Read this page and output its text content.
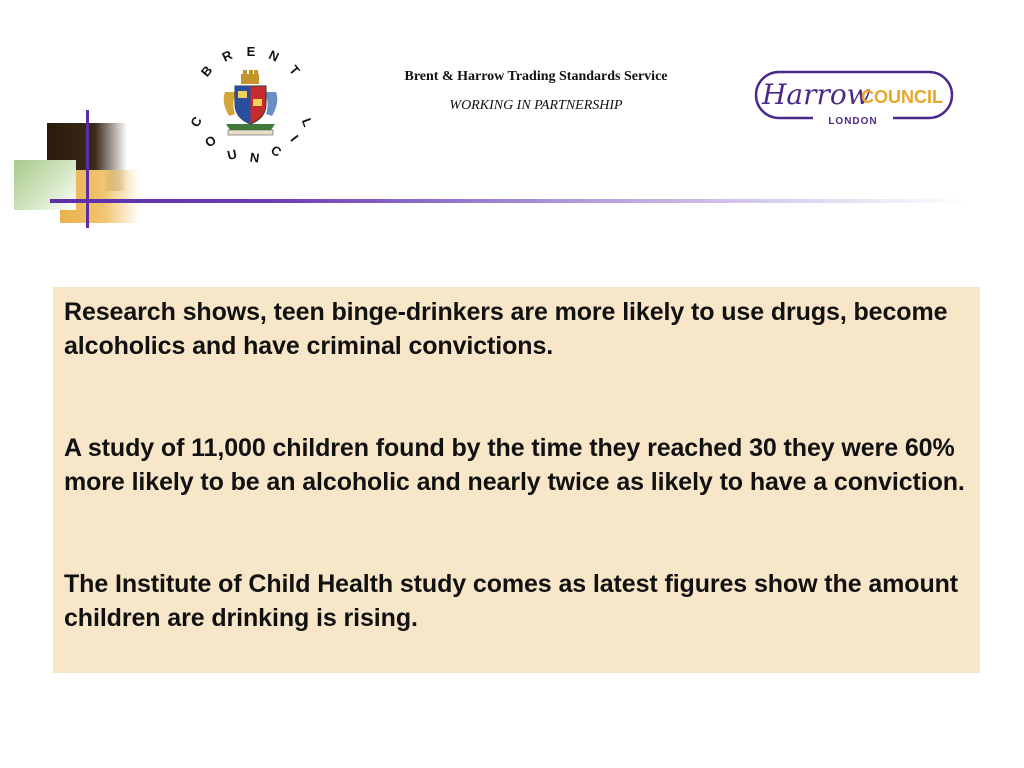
B
R E N
T
C
O
U N C
I
L
Brent & Harrow Trading Standards Service
WORKING IN PARTNERSHIP	Harrow
COUNCIL
LONDON

Research shows, teen binge-drinkers are more likely to use drugs, become alcoholics and have criminal convictions.

A study of 11,000 children found by the time they reached 30 they were 60% more likely to be an alcoholic and nearly twice as likely to have a conviction.

The Institute of Child Health study comes as latest figures show the amount children are drinking is rising.
